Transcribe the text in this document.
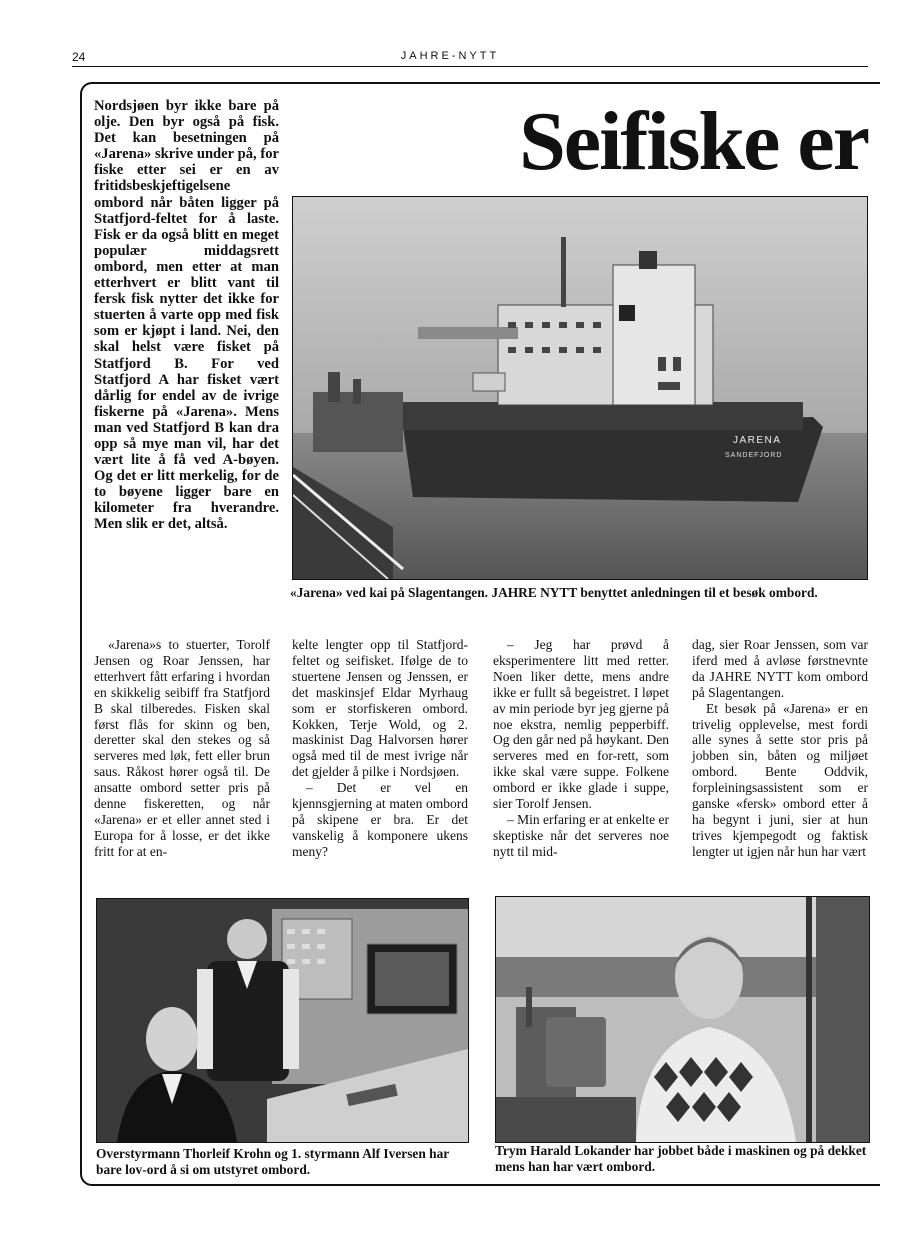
24	JAHRE-NYTT
Nordsjøen byr ikke bare på olje. Den byr også på fisk. Det kan besetningen på «Jarena» skrive under på, for fiske etter sei er en av fritidsbeskjeftigelsene ombord når båten ligger på Statfjord-feltet for å laste. Fisk er da også blitt en meget populær middagsrett ombord, men etter at man etterhvert er blitt vant til fersk fisk nytter det ikke for stuerten å varte opp med fisk som er kjøpt i land. Nei, den skal helst være fisket på Statfjord B. For ved Statfjord A har fisket vært dårlig for endel av de ivrige fiskerne på «Jarena». Mens man ved Statfjord B kan dra opp så mye man vil, har det vært lite å få ved A-bøyen. Og det er litt merkelig, for de to bøyene ligger bare en kilometer fra hverandre. Men slik er det, altså.
Seifiske er
JARENA
SANDEFJORD
«Jarena» ved kai på Slagentangen. JAHRE NYTT benyttet anledningen til et besøk ombord.

«Jarena»s to stuerter, Torolf Jensen og Roar Jenssen, har etterhvert fått erfaring i hvordan en skikkelig seibiff fra Statfjord B skal tilberedes. Fisken skal først flås for skinn og ben, deretter skal den stekes og så serveres med løk, fett eller brun saus. Råkost hører også til. De ansatte ombord setter pris på denne fiskeretten, og når «Jarena» er et eller annet sted i Europa for å losse, er det ikke fritt for at en-

kelte lengter opp til Statfjord-feltet og seifisket. Ifølge de to stuertene Jensen og Jenssen, er det maskinsjef Eldar Myrhaug som er storfiskeren ombord. Kokken, Terje Wold, og 2. maskinist Dag Halvorsen hører også med til de mest ivrige når det gjelder å pilke i Nordsjøen.

– Det er vel en kjennsgjerning at maten ombord på skipene er bra. Er det vanskelig å komponere ukens meny?

– Jeg har prøvd å eksperimentere litt med retter. Noen liker dette, mens andre ikke er fullt så begeistret. I løpet av min periode byr jeg gjerne på noe ekstra, nemlig pepperbiff. Og den går ned på høykant. Den serveres med en for-rett, som ikke skal være suppe. Folkene ombord er ikke glade i suppe, sier Torolf Jensen.

– Min erfaring er at enkelte er skeptiske når det serveres noe nytt til mid-

dag, sier Roar Jenssen, som var iferd med å avløse førstnevnte da JAHRE NYTT kom ombord på Slagentangen.

Et besøk på «Jarena» er en trivelig opplevelse, mest fordi alle synes å sette stor pris på jobben sin, båten og miljøet ombord. Bente Oddvik, forpleiningsassistent som er ganske «fersk» ombord etter å ha begynt i juni, sier at hun trives kjempegodt og faktisk lengter ut igjen når hun har vært

Overstyrmann Thorleif Krohn og 1. styrmann Alf Iversen har bare lov-ord å si om utstyret ombord.
Trym Harald Lokander har jobbet både i maskinen og på dekket mens han har vært ombord.
